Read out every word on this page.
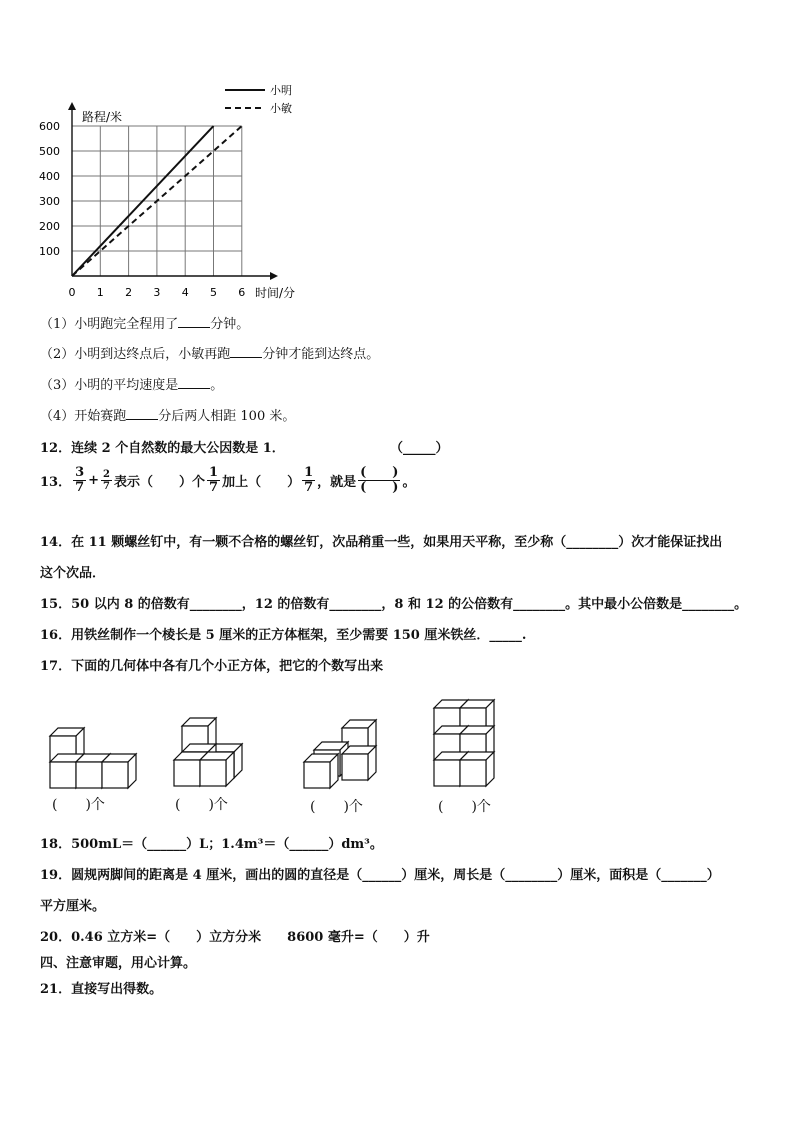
0 1 2 3 4 5 6
100
200
300
400
500
600
小明
小敏
路程/米
时间/分
（1）小明跑完全程用了 分钟。
（2）小明到达终点后，小敏再跑 分钟才能到达终点。
（3）小明的平均速度是 。
（4）开始赛跑 分后两人相距 100 米。
12．连续 2 个自然数的最大公因数是 1．	（_____）
13． $\frac{3}{7} + \frac{2}{7}$ 表示（　　）个 $\frac{1}{7}$ 加上（　　） $\frac{1}{7}$ ，就是 $\frac{( )}{( )}$ 。
14．在 11 颗螺丝钉中，有一颗不合格的螺丝钉，次品稍重一些，如果用天平称，至少称（________）次才能保证找出
这个次品．
15．50 以内 8 的倍数有________，12 的倍数有________，8 和 12 的公倍数有________。其中最小公倍数是________。
16．用铁丝制作一个棱长是 5 厘米的正方体框架，至少需要 150 厘米铁丝．_____.
17．下面的几何体中各有几个小正方体，把它的个数写出来
(　　)个	(　　)个	(　　)个	(　　)个
18．500mL＝（______）L；1.4m³＝（______）dm³。
19．圆规两脚间的距离是 4 厘米，画出的圆的直径是（______）厘米，周长是（________）厘米，面积是（_______）
平方厘米。
20．0.46 立方米=（　　）立方分米　　8600 毫升=（　　）升
四、注意审题，用心计算。
21．直接写出得数。
